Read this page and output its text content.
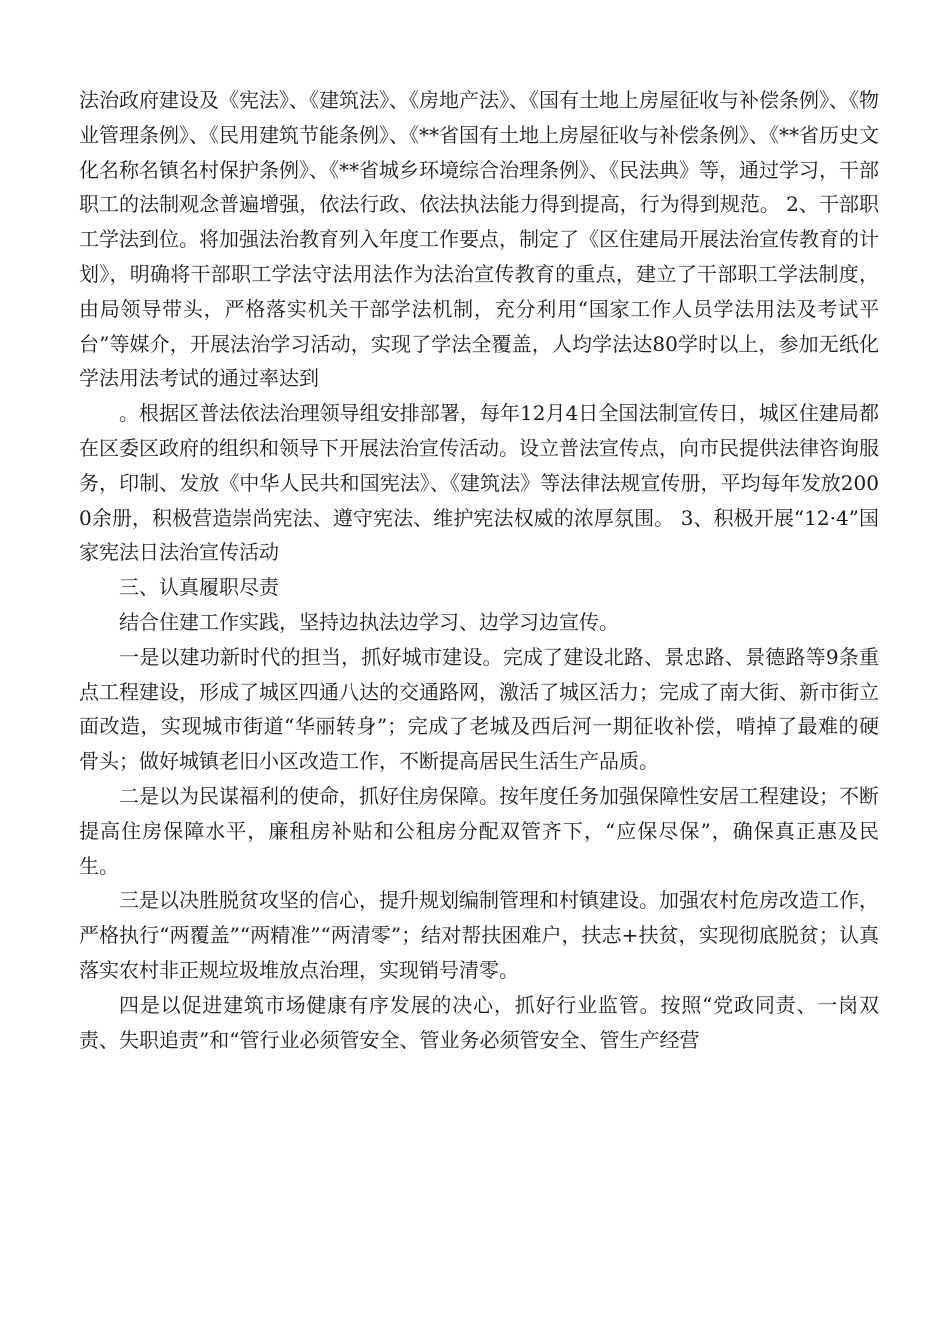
法治政府建设及《宪法》、《建筑法》、《房地产法》、《国有土地上房屋征收与补偿条例》、《物业管理条例》、《民用建筑节能条例》、《**省国有土地上房屋征收与补偿条例》、《**省历史文化名称名镇名村保护条例》、《**省城乡环境综合治理条例》、《民法典》等，通过学习，干部职工的法制观念普遍增强，依法行政、依法执法能力得到提高，行为得到规范。 2、干部职工学法到位。将加强法治教育列入年度工作要点，制定了《区住建局开展法治宣传教育的计划》，明确将干部职工学法守法用法作为法治宣传教育的重点，建立了干部职工学法制度，由局领导带头，严格落实机关干部学法机制，充分利用“国家工作人员学法用法及考试平台”等媒介，开展法治学习活动，实现了学法全覆盖，人均学法达80学时以上，参加无纸化学法用法考试的通过率达到

。根据区普法依法治理领导组安排部署，每年12月4日全国法制宣传日，城区住建局都在区委区政府的组织和领导下开展法治宣传活动。设立普法宣传点，向市民提供法律咨询服务，印制、发放《中华人民共和国宪法》、《建筑法》等法律法规宣传册，平均每年发放2000余册，积极营造崇尚宪法、遵守宪法、维护宪法权威的浓厚氛围。 3、积极开展“12·4”国家宪法日法治宣传活动

三、认真履职尽责

结合住建工作实践，坚持边执法边学习、边学习边宣传。

一是以建功新时代的担当，抓好城市建设。完成了建设北路、景忠路、景德路等9条重点工程建设，形成了城区四通八达的交通路网，激活了城区活力；完成了南大街、新市街立面改造，实现城市街道“华丽转身”；完成了老城及西后河一期征收补偿，啃掉了最难的硬骨头；做好城镇老旧小区改造工作，不断提高居民生活生产品质。

二是以为民谋福利的使命，抓好住房保障。按年度任务加强保障性安居工程建设；不断提高住房保障水平，廉租房补贴和公租房分配双管齐下，“应保尽保”，确保真正惠及民生。

三是以决胜脱贫攻坚的信心，提升规划编制管理和村镇建设。加强农村危房改造工作，严格执行“两覆盖”“两精准”“两清零”；结对帮扶困难户，扶志+扶贫，实现彻底脱贫；认真落实农村非正规垃圾堆放点治理，实现销号清零。

四是以促进建筑市场健康有序发展的决心，抓好行业监管。按照“党政同责、一岗双责、失职追责”和“管行业必须管安全、管业务必须管安全、管生产经营
